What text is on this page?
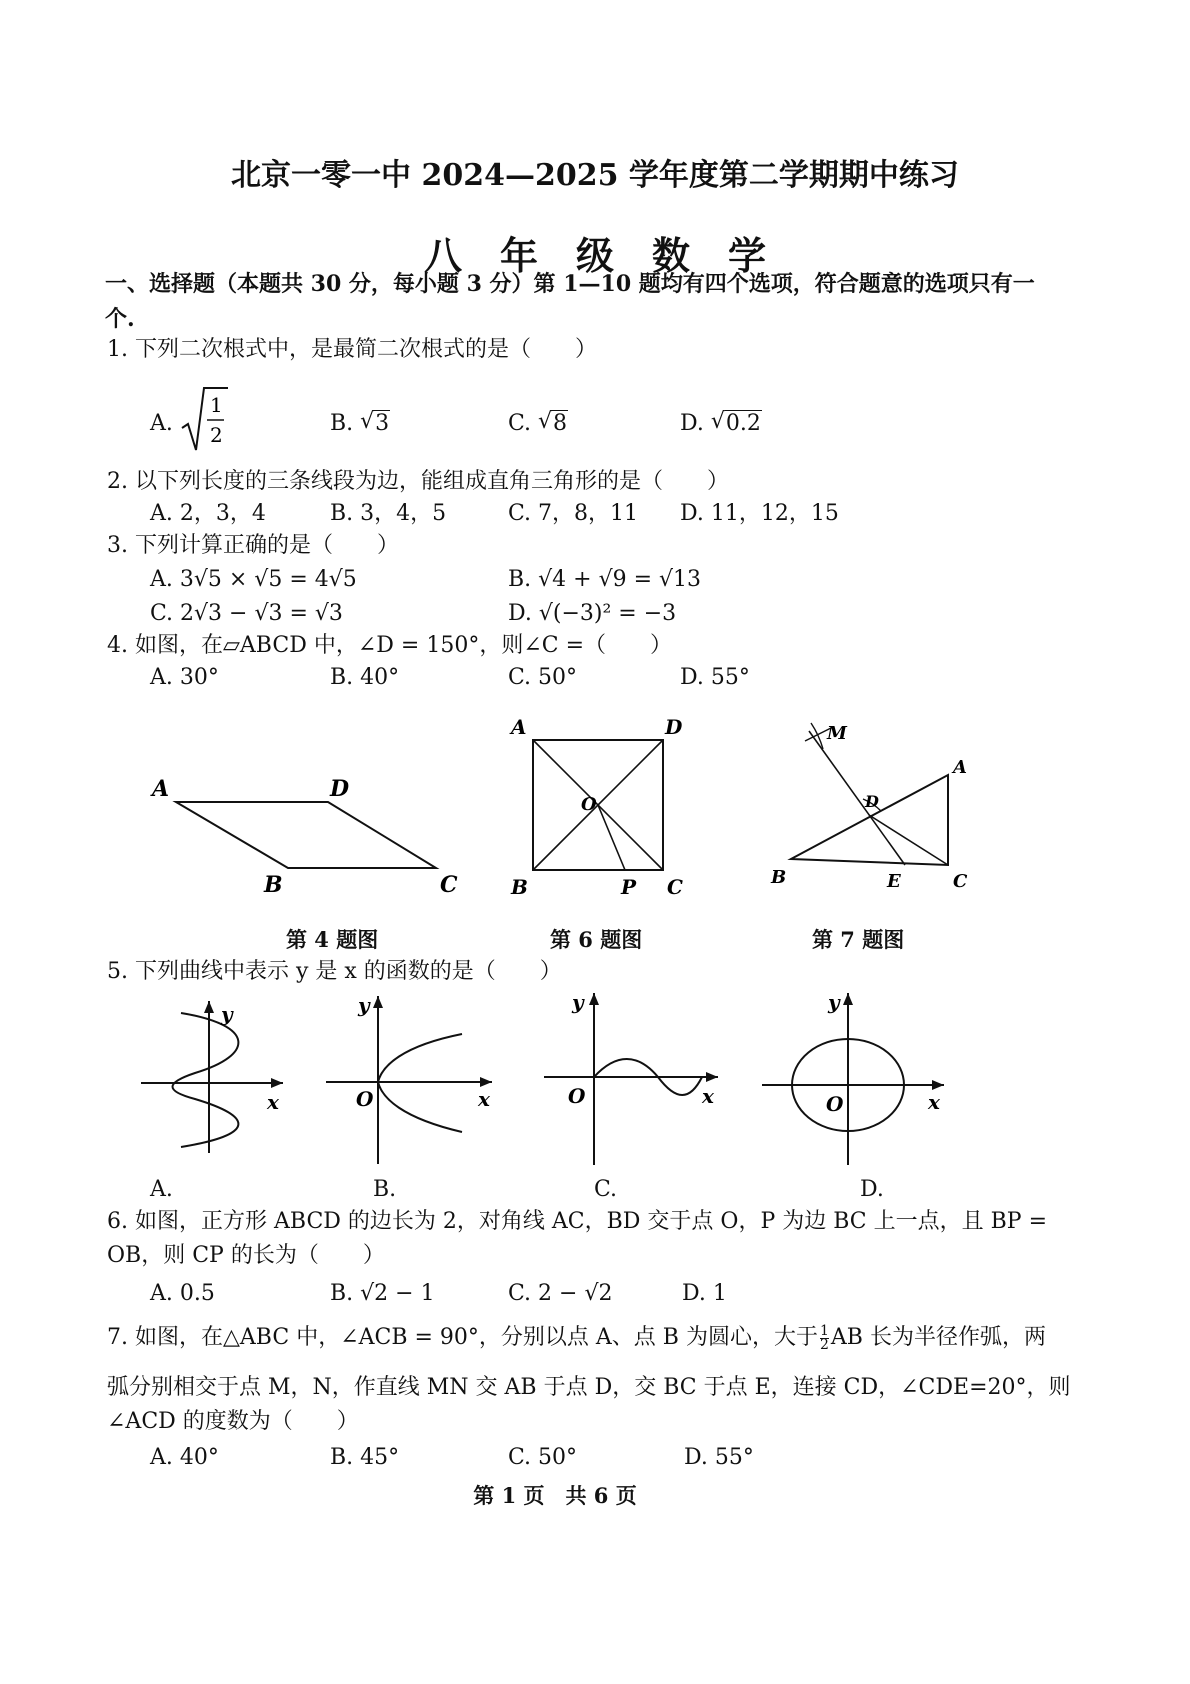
北京一零一中 2024—2025 学年度第二学期期中练习
八年级数学
一、选择题（本题共 30 分，每小题 3 分）第 1—10 题均有四个选项，符合题意的选项只有一
个.
1. 下列二次根式中，是最简二次根式的是（　　）
A.
1
2	B. √ 3	C. √ 8	D. √ 0.2
2. 以下列长度的三条线段为边，能组成直角三角形的是（　　）
A. 2，3，4	B. 3，4，5	C. 7，8，11 D. 11，12，15
3. 下列计算正确的是（　　）
A. 3√5 × √5 = 4√5	B. √4 + √9 = √13
C. 2√3 − √3 = √3	D. √(−3)² = −3
4. 如图，在▱ABCD 中，∠D = 150°，则∠C =（　　）
A. 30°	B. 40°	C. 50°	D. 55°
A	D
B	C
第 4 题图
A	D
O
B	P C
第 6 题图
M
D
A
B	E	C
第 7 题图
5. 下列曲线中表示 y 是 x 的函数的是（　　）
y
x
A.
y
O	x
B.
y
O	x
C.
y
O	x
D.
6. 如图，正方形 ABCD 的边长为 2，对角线 AC，BD 交于点 O，P 为边 BC 上一点，且 BP =
OB，则 CP 的长为（　　）
A. 0.5	B. √2 − 1	C. 2 − √2	D. 1
7. 如图，在△ABC 中，∠ACB = 90°，分别以点 A、点 B 为圆心，大于 $\frac{1}{2}$ AB 长为半径作弧，两
弧分别相交于点 M，N，作直线 MN 交 AB 于点 D，交 BC 于点 E，连接 CD，∠CDE=20°，则
∠ACD 的度数为（　　）
A. 40°	B. 45°	C. 50°	D. 55°
第 1 页　共 6 页
